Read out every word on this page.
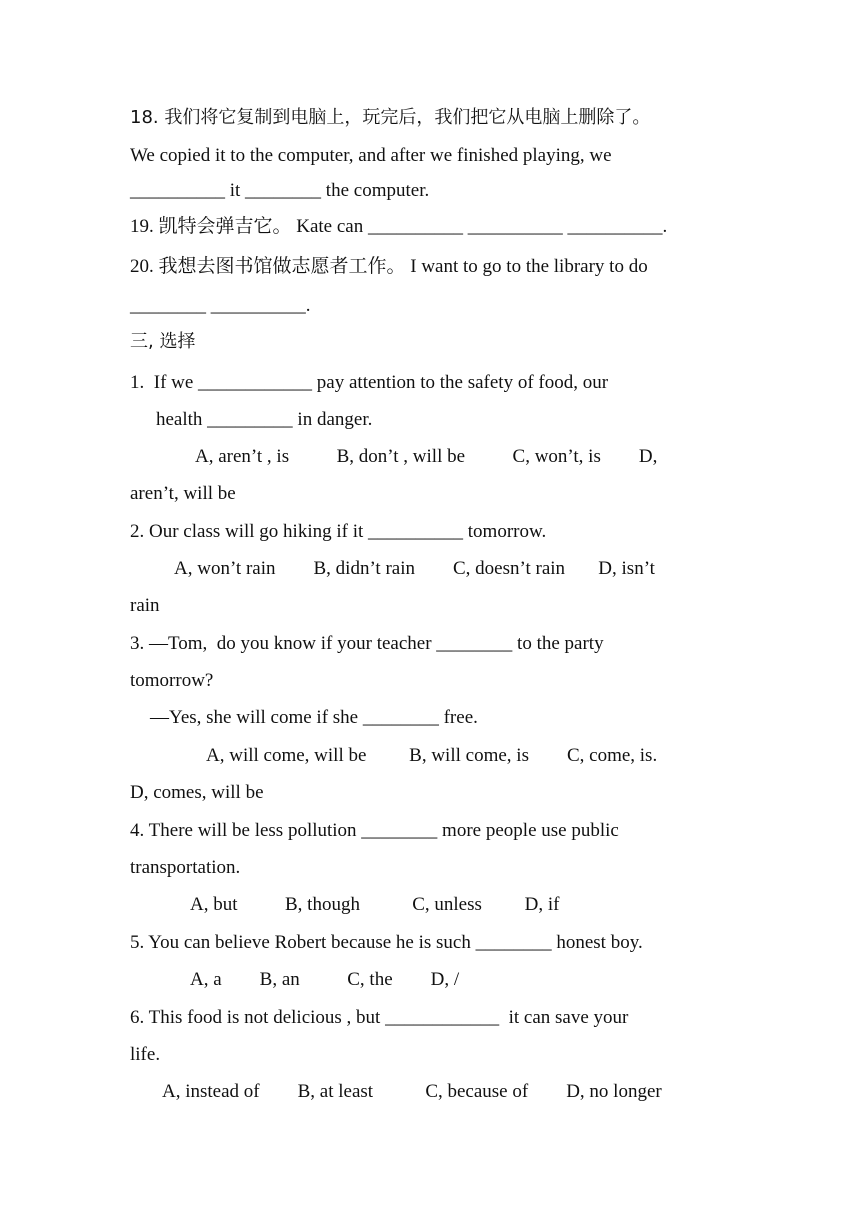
18. 我们将它复制到电脑上，玩完后，我们把它从电脑上删除了。
We copied it to the computer, and after we finished playing, we
__________ it ________ the computer.
19. 凯特会弹吉它。 Kate can __________ __________ __________.
20. 我想去图书馆做志愿者工作。 I want to go to the library to do
________ __________.
三, 选择
1.  If we ____________ pay attention to the safety of food, our
health _________ in danger.
A, aren’t , is          B, don’t , will be          C, won’t, is        D,
aren’t, will be
2. Our class will go hiking if it __________ tomorrow.
A, won’t rain        B, didn’t rain        C, doesn’t rain       D, isn’t
rain
3. —Tom,  do you know if your teacher ________ to the party
tomorrow?
—Yes, she will come if she ________ free.
A, will come, will be         B, will come, is        C, come, is.
D, comes, will be
4. There will be less pollution ________ more people use public
transportation.
A, but          B, though           C, unless         D, if
5. You can believe Robert because he is such ________ honest boy.
A, a        B, an          C, the        D, /
6. This food is not delicious , but ____________  it can save your
life.
A, instead of        B, at least           C, because of        D, no longer
